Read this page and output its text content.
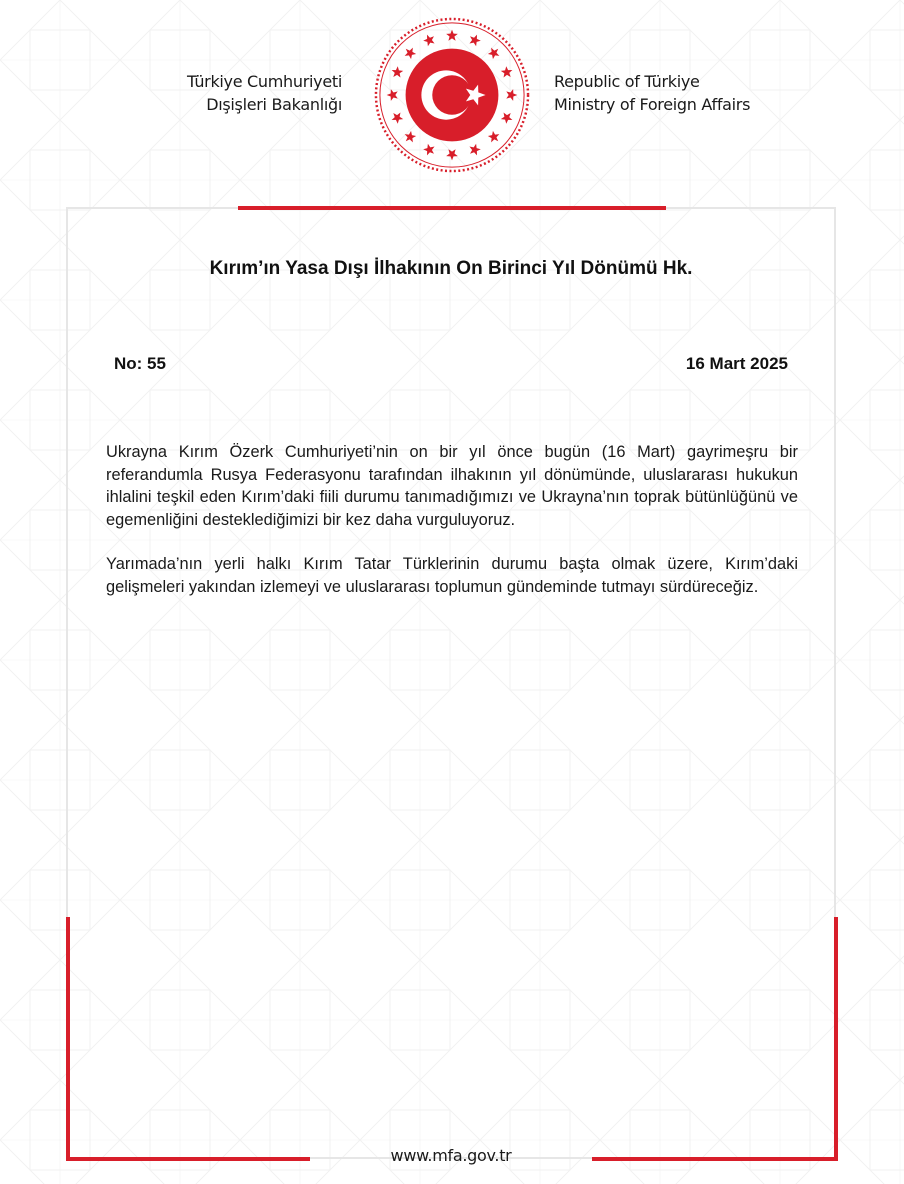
Türkiye Cumhuriyeti
Dışişleri Bakanlığı
Republic of Türkiye
Ministry of Foreign Affairs
Kırım’ın Yasa Dışı İlhakının On Birinci Yıl Dönümü Hk.
No: 55	16 Mart 2025

Ukrayna Kırım Özerk Cumhuriyeti’nin on bir yıl önce bugün (16 Mart) gayrimeşru bir referandumla Rusya Federasyonu tarafından ilhakının yıl dönümünde, uluslararası hukukun ihlalini teşkil eden Kırım’daki fiili durumu tanımadığımızı ve Ukrayna’nın toprak bütünlüğünü ve egemenliğini desteklediğimizi bir kez daha vurguluyoruz.

Yarımada’nın yerli halkı Kırım Tatar Türklerinin durumu başta olmak üzere, Kırım’daki gelişmeleri yakından izlemeyi ve uluslararası toplumun gündeminde tutmayı sürdüreceğiz.

www.mfa.gov.tr
